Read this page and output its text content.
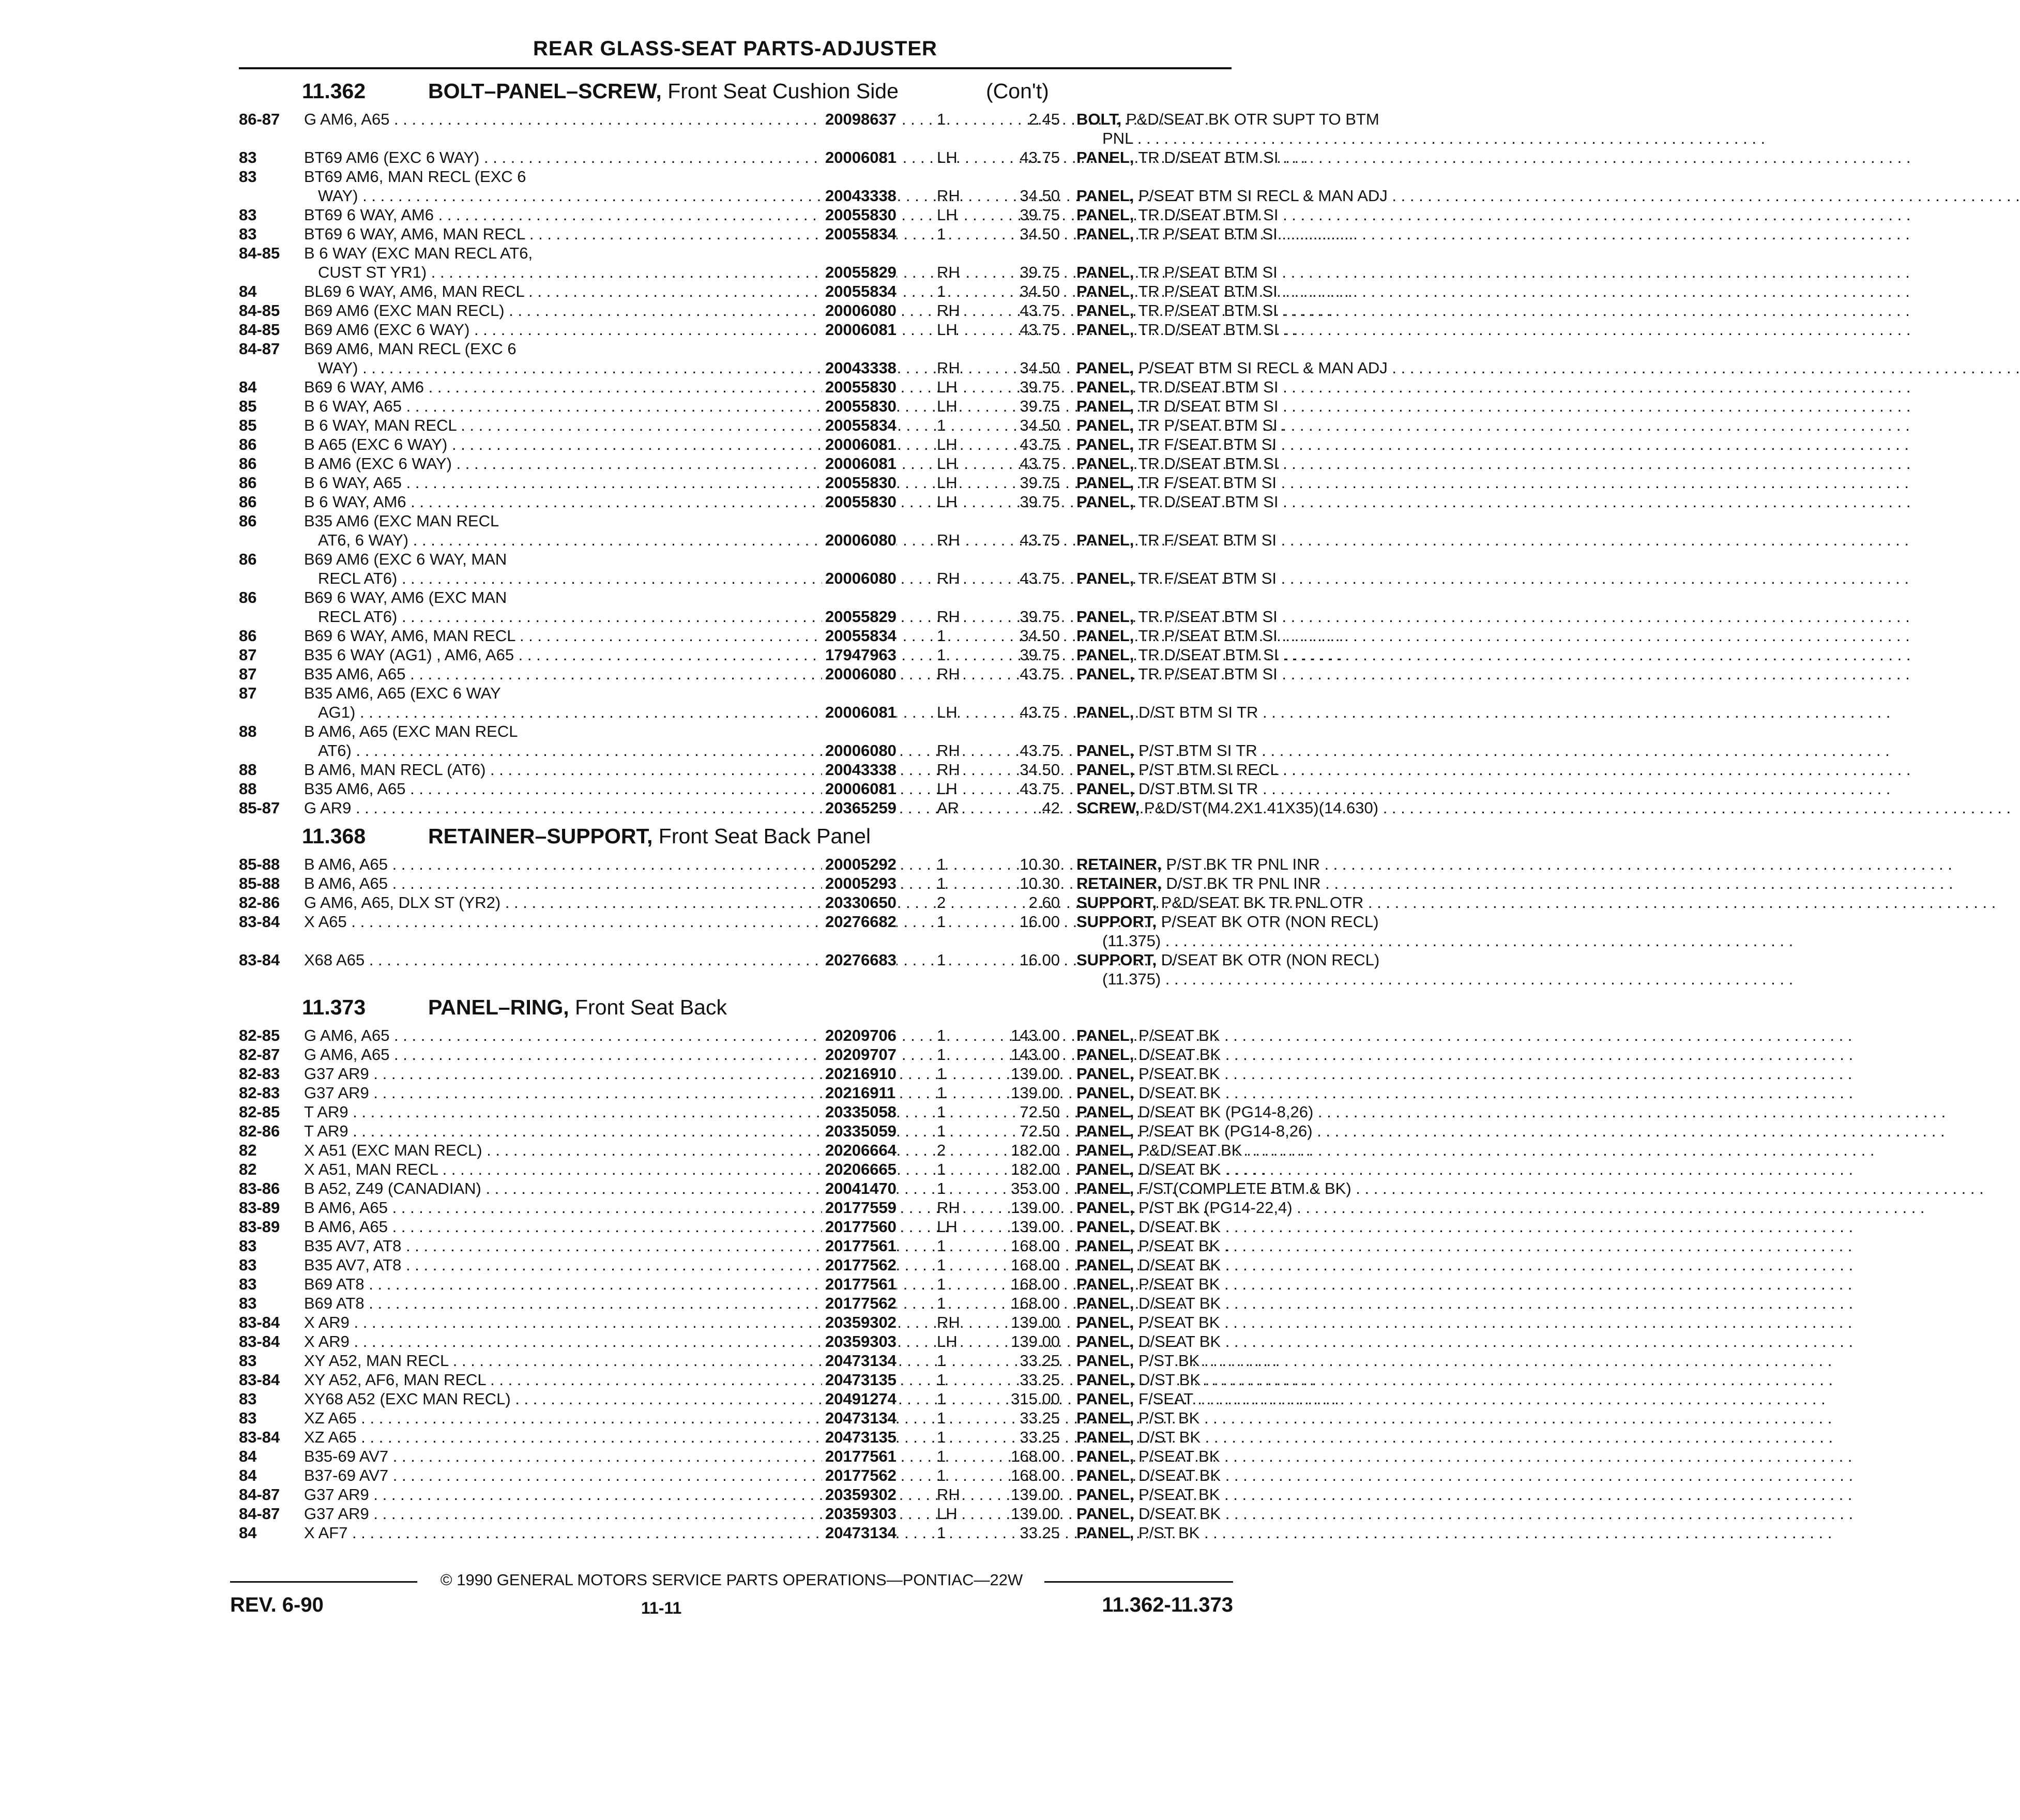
REAR GLASS-SEAT PARTS-ADJUSTER
11.362	BOLT–PANEL–SCREW, Front Seat Cushion Side	(Con't)
86-87 G AM6, A65 . . .	20098637	1	2.45 BOLT, P&D/SEAT BK OTR SUPT TO BTM
PNL . . .
83	BT69 AM6 (EXC 6 WAY) . . .	20006081	LH	43.75 PANEL, TR D/SEAT BTM SI . . .
83	BT69 AM6, MAN RECL (EXC 6
WAY) . . .	20043338	RH	34.50 PANEL, P/SEAT BTM SI RECL & MAN ADJ . . .
83	BT69 6 WAY, AM6 . . .	20055830	LH	39.75 PANEL, TR D/SEAT BTM SI . . .
83	BT69 6 WAY, AM6, MAN RECL . . .	20055834	1	34.50 PANEL, TR P/SEAT BTM SI . . .
84-85 B 6 WAY (EXC MAN RECL AT6,
CUST ST YR1) . . .	20055829	RH	39.75 PANEL, TR P/SEAT BTM SI . . .
84	BL69 6 WAY, AM6, MAN RECL . . .	20055834	1	34.50 PANEL, TR P/SEAT BTM SI . . .
84-85 B69 AM6 (EXC MAN RECL) . . .	20006080	RH	43.75 PANEL, TR P/SEAT BTM SI . . .
84-85 B69 AM6 (EXC 6 WAY) . . .	20006081	LH	43.75 PANEL, TR D/SEAT BTM SI . . .
84-87 B69 AM6, MAN RECL (EXC 6
WAY) . . .	20043338	RH	34.50 PANEL, P/SEAT BTM SI RECL & MAN ADJ . . .
84	B69 6 WAY, AM6 . . .	20055830	LH	39.75 PANEL, TR D/SEAT BTM SI . . .
85	B 6 WAY, A65 . . .	20055830	LH	39.75 PANEL, TR D/SEAT BTM SI . . .
85	B 6 WAY, MAN RECL . . .	20055834	1	34.50 PANEL, TR P/SEAT BTM SI . . .
86	B A65 (EXC 6 WAY) . . .	20006081	LH	43.75 PANEL, TR F/SEAT BTM SI . . .
86	B AM6 (EXC 6 WAY) . . .	20006081	LH	43.75 PANEL, TR D/SEAT BTM SI . . .
86	B 6 WAY, A65 . . .	20055830	LH	39.75 PANEL, TR F/SEAT BTM SI . . .
86	B 6 WAY, AM6 . . .	20055830	LH	39.75 PANEL, TR D/SEAT BTM SI . . .
86	B35 AM6 (EXC MAN RECL
AT6, 6 WAY) . . .	20006080	RH	43.75 PANEL, TR F/SEAT BTM SI . . .
86	B69 AM6 (EXC 6 WAY, MAN
RECL AT6) . . .	20006080	RH	43.75 PANEL, TR F/SEAT BTM SI . . .
86	B69 6 WAY, AM6 (EXC MAN
RECL AT6) . . .	20055829	RH	39.75 PANEL, TR P/SEAT BTM SI . . .
86	B69 6 WAY, AM6, MAN RECL . . .	20055834	1	34.50 PANEL, TR P/SEAT BTM SI . . .
87	B35 6 WAY (AG1) , AM6, A65 . . .	17947963	1	39.75 PANEL, TR D/SEAT BTM SI . . .
87	B35 AM6, A65 . . .	20006080	RH	43.75 PANEL, TR P/SEAT BTM SI . . .
87	B35 AM6, A65 (EXC 6 WAY
AG1) . . .	20006081	LH	43.75 PANEL, D/ST BTM SI TR . . .
88	B AM6, A65 (EXC MAN RECL
AT6) . . .	20006080	RH	43.75 PANEL, P/ST BTM SI TR . . .
88	B AM6, MAN RECL (AT6) . . .	20043338	RH	34.50 PANEL, P/ST BTM SI RECL . . .
88	B35 AM6, A65 . . .	20006081	LH	43.75 PANEL, D/ST BTM SI TR . . .
85-87 G AR9 . . .	20365259	AR	.42 SCREW, P&D/ST(M4.2X1.41X35)(14.630) . . .
11.368	RETAINER–SUPPORT, Front Seat Back Panel
85-88 B AM6, A65 . . .	20005292	1	10.30 RETAINER, P/ST BK TR PNL INR . . .
85-88 B AM6, A65 . . .	20005293	1	10.30 RETAINER, D/ST BK TR PNL INR . . .
82-86 G AM6, A65, DLX ST (YR2) . . .	20330650	2	2.60 SUPPORT, P&D/SEAT BK TR PNL OTR . . .
83-84 X A65 . . .	20276682	1	16.00 SUPPORT, P/SEAT BK OTR (NON RECL)
(11.375) . . .
83-84 X68 A65 . . .	20276683	1	16.00 SUPPORT, D/SEAT BK OTR (NON RECL)
(11.375) . . .
11.373	PANEL–RING, Front Seat Back
82-85 G AM6, A65 . . .	20209706	1	143.00 PANEL, P/SEAT BK . . .
82-87 G AM6, A65 . . .	20209707	1	143.00 PANEL, D/SEAT BK . . .
82-83 G37 AR9 . . .	20216910	1	139.00 PANEL, P/SEAT BK . . .
82-83 G37 AR9 . . .	20216911	1	139.00 PANEL, D/SEAT BK . . .
82-85 T AR9 . . .	20335058	1	72.50 PANEL, D/SEAT BK (PG14-8,26) . . .
82-86 T AR9 . . .	20335059	1	72.50 PANEL, P/SEAT BK (PG14-8,26) . . .
82	X A51 (EXC MAN RECL) . . .	20206664	2	182.00 PANEL, P&D/SEAT BK . . .
82	X A51, MAN RECL . . .	20206665	1	182.00 PANEL, D/SEAT BK . . .
83-86 B A52, Z49 (CANADIAN) . . .	20041470	1	353.00 PANEL, F/ST(COMPLETE BTM & BK) . . .
83-89 B AM6, A65 . . .	20177559	RH	139.00 PANEL, P/ST BK (PG14-22,4) . . .
83-89 B AM6, A65 . . .	20177560	LH	139.00 PANEL, D/SEAT BK . . .
83	B35 AV7, AT8 . . .	20177561	1	168.00 PANEL, P/SEAT BK . . .
83	B35 AV7, AT8 . . .	20177562	1	168.00 PANEL, D/SEAT BK . . .
83	B69 AT8 . . .	20177561	1	168.00 PANEL, P/SEAT BK . . .
83	B69 AT8 . . .	20177562	1	168.00 PANEL, D/SEAT BK . . .
83-84 X AR9 . . .	20359302	RH	139.00 PANEL, P/SEAT BK . . .
83-84 X AR9 . . .	20359303	LH	139.00 PANEL, D/SEAT BK . . .
83	XY A52, MAN RECL . . .	20473134	1	33.25 PANEL, P/ST BK . . .
83-84 XY A52, AF6, MAN RECL . . .	20473135	1	33.25 PANEL, D/ST BK . . .
83	XY68 A52 (EXC MAN RECL) . . .	20491274	1	315.00 PANEL, F/SEAT . . .
83	XZ A65 . . .	20473134	1	33.25 PANEL, P/ST BK . . .
83-84 XZ A65 . . .	20473135	1	33.25 PANEL, D/ST BK . . .
84	B35-69 AV7 . . .	20177561	1	168.00 PANEL, P/SEAT BK . . .
84	B37-69 AV7 . . .	20177562	1	168.00 PANEL, D/SEAT BK . . .
84-87 G37 AR9 . . .	20359302	RH	139.00 PANEL, P/SEAT BK . . .
84-87 G37 AR9 . . .	20359303	LH	139.00 PANEL, D/SEAT BK . . .
84	X AF7 . . .	20473134	1	33.25 PANEL, P/ST BK . . .
© 1990 GENERAL MOTORS SERVICE PARTS OPERATIONS—PONTIAC—22W
REV. 6-90	11-11	11.362-11.373
